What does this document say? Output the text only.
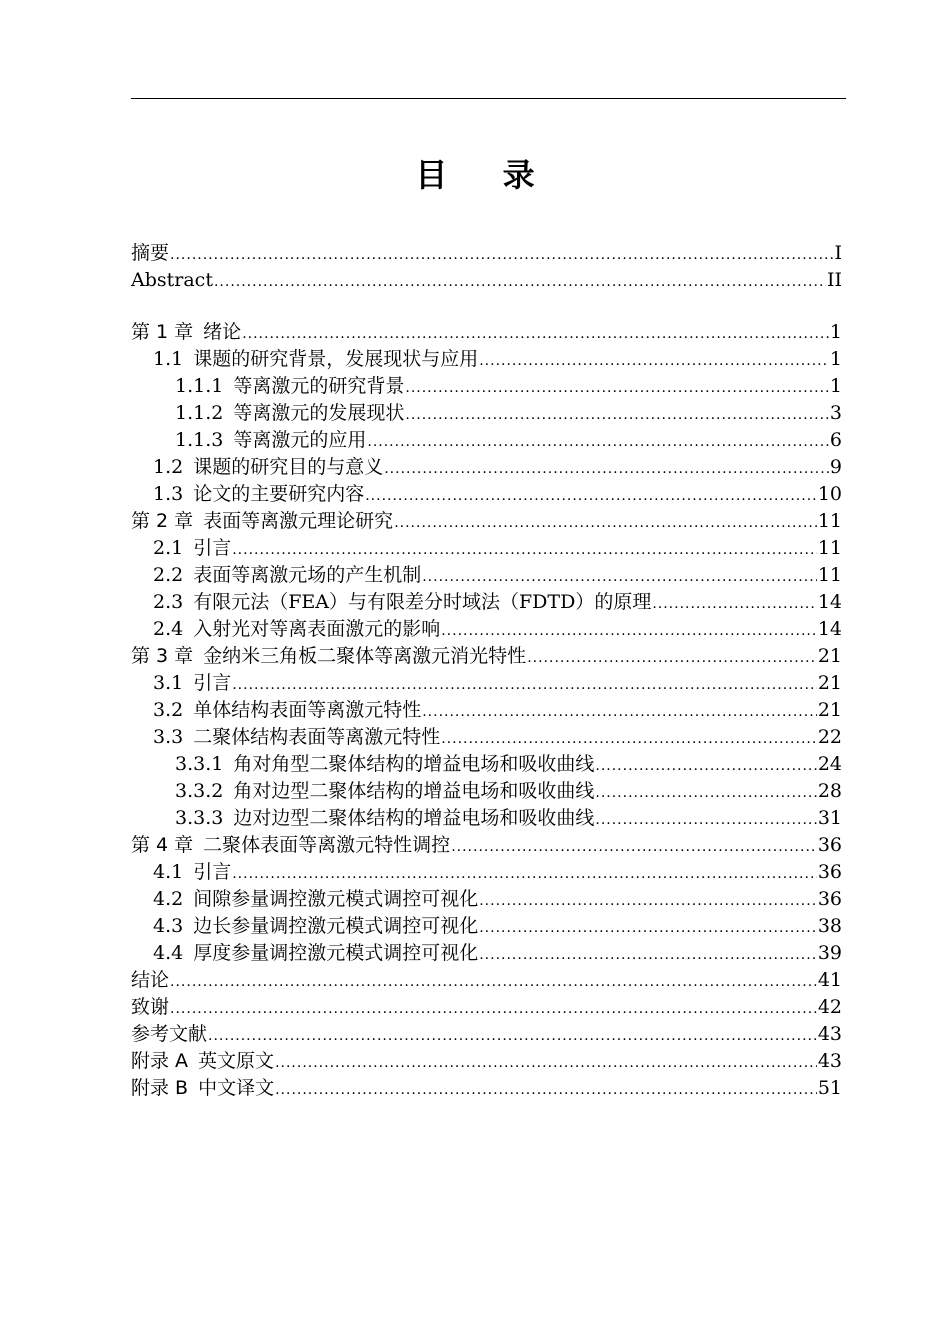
目 录
摘要 .....	I
Abstract .....	II
第 1 章 绪论 .....	1
1.1 课题的研究背景，发展现状与应用 .....	1
1.1.1 等离激元的研究背景 .....	1
1.1.2 等离激元的发展现状 .....	3
1.1.3 等离激元的应用 .....	6
1.2 课题的研究目的与意义 .....	9
1.3 论文的主要研究内容 .....	10
第 2 章 表面等离激元理论研究 .....	11
2.1 引言 .....	11
2.2 表面等离激元场的产生机制 .....	11
2.3 有限元法（FEA）与有限差分时域法（FDTD）的原理 .....	14
2.4 入射光对等离表面激元的影响 .....	14
第 3 章 金纳米三角板二聚体等离激元消光特性 .....	21
3.1 引言 .....	21
3.2 单体结构表面等离激元特性 .....	21
3.3 二聚体结构表面等离激元特性 .....	22
3.3.1 角对角型二聚体结构的增益电场和吸收曲线 .....	24
3.3.2 角对边型二聚体结构的增益电场和吸收曲线 .....	28
3.3.3 边对边型二聚体结构的增益电场和吸收曲线 .....	31
第 4 章 二聚体表面等离激元特性调控 .....	36
4.1 引言 .....	36
4.2 间隙参量调控激元模式调控可视化 .....	36
4.3 边长参量调控激元模式调控可视化 .....	38
4.4 厚度参量调控激元模式调控可视化 .....	39
结论 .....	41
致谢 .....	42
参考文献 .....	43
附录 A 英文原文 .....	43
附录 B 中文译文 .....	51
